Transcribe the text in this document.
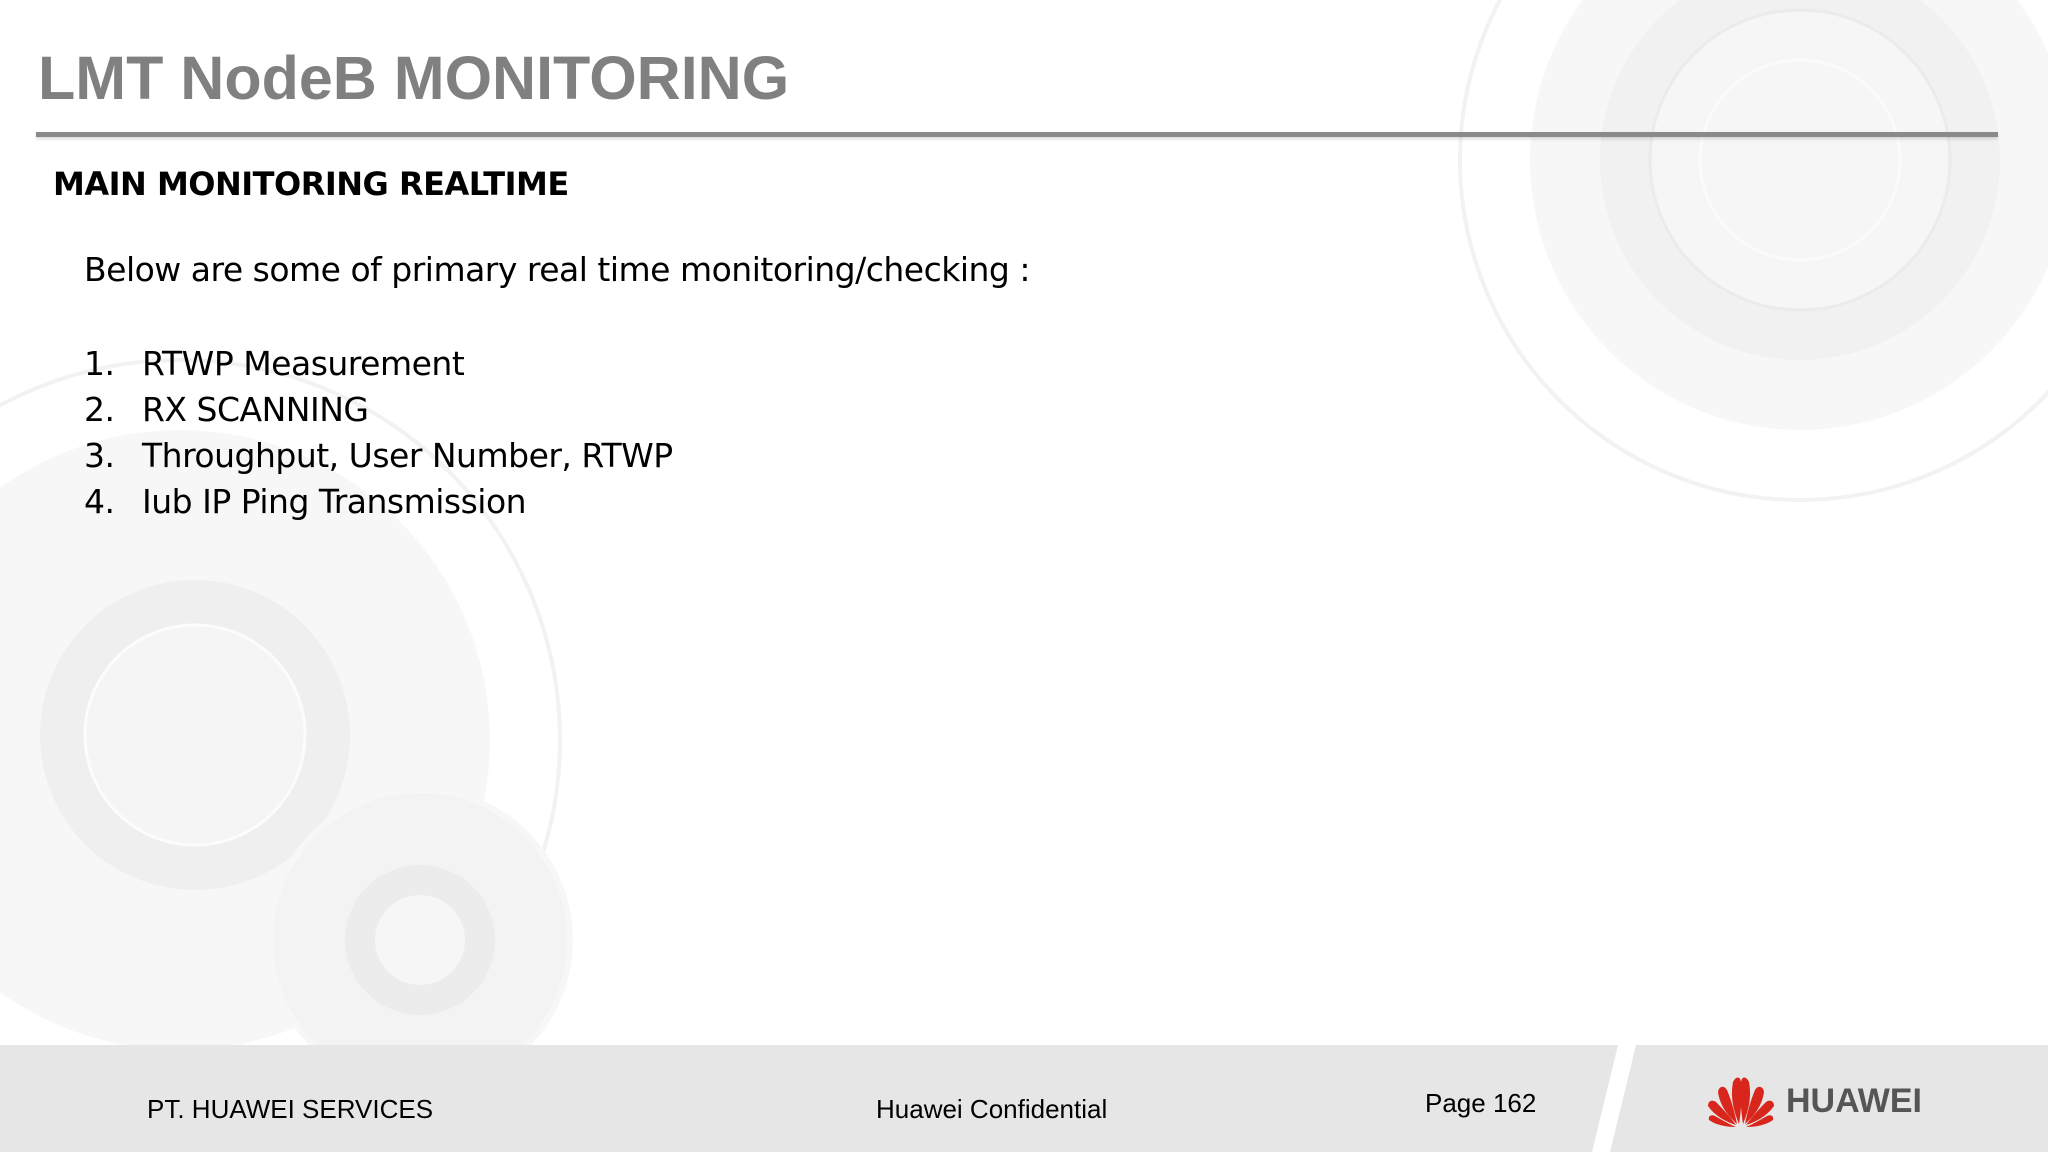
LMT NodeB MONITORING
MAIN MONITORING REALTIME
Below are some of primary real time monitoring/checking :
1. RTWP Measurement
2. RX SCANNING
3. Throughput, User Number, RTWP
4. Iub IP Ping Transmission
PT. HUAWEI SERVICES	Huawei Confidential	Page 162	HUAWEI
